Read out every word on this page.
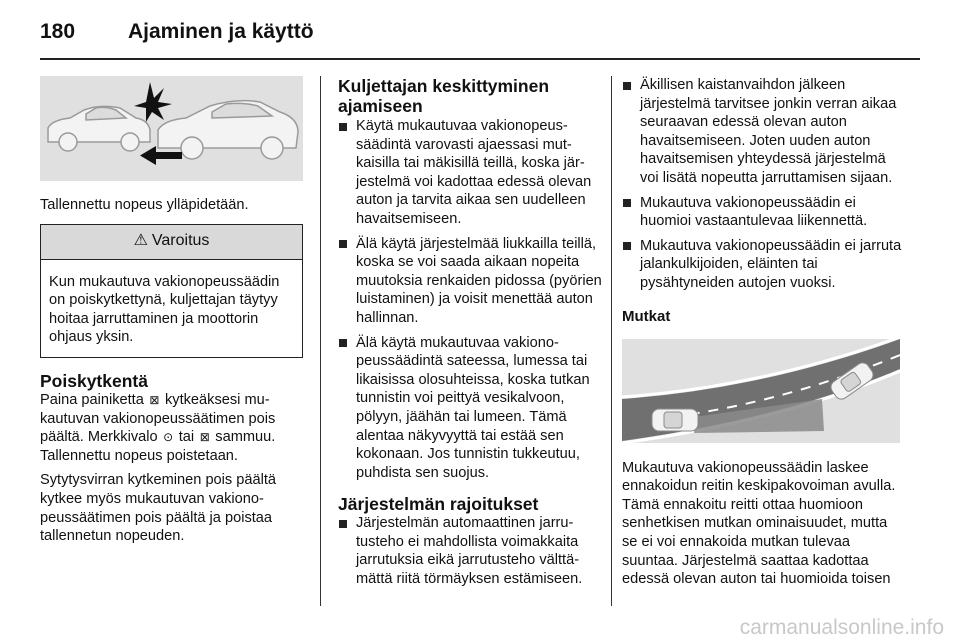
180	Ajaminen ja käyttö

Tallennettu nopeus ylläpidetään.

⚠ Varoitus
Kun mukautuva vakionopeussäädin on poiskytkettynä, kuljettajan täytyy hoitaa jarruttaminen ja moottorin ohjaus yksin.
Poiskytkentä

Paina painiketta ⊠ kytkeäksesi mu-kautuvan vakionopeussäätimen pois päältä. Merkkivalo ⊙ tai ⊠ sammuu. Tallennettu nopeus poistetaan.

Sytytysvirran kytkeminen pois päältä kytkee myös mukautuvan vakionopeussäätimen pois päältä ja poistaa tallennetun nopeuden.

Kuljettajan keskittyminen ajamiseen
Käytä mukautuvaa vakionopeussäädintä varovasti ajaessasi mutkaisilla tai mäkisillä teillä, koska järjestelmä voi kadottaa edessä olevan auton ja tarvita aikaa sen uudelleen havaitsemiseen.
Älä käytä järjestelmää liukkailla teillä, koska se voi saada aikaan nopeita muutoksia renkaiden pidossa (pyörien luistaminen) ja voisit menettää auton hallinnan.
Älä käytä mukautuvaa vakionopeussäädintä sateessa, lumessa tai likaisissa olosuhteissa, koska tutkan tunnistin voi peittyä vesikalvoon, pölyyn, jäähän tai lumeen. Tämä alentaa näkyvyyttä tai estää sen kokonaan. Jos tunnistin tukkeutuu, puhdista sen suojus.
Järjestelmän rajoitukset
Järjestelmän automaattinen jarrutusteho ei mahdollista voimakkaita jarrutuksia eikä jarrutusteho välttämättä riitä törmäyksen estämiseen.
Äkillisen kaistanvaihdon jälkeen järjestelmä tarvitsee jonkin verran aikaa seuraavan edessä olevan auton havaitsemiseen. Joten uuden auton havaitsemisen yhteydessä järjestelmä voi lisätä nopeutta jarruttamisen sijaan.
Mukautuva vakionopeussäädin ei huomioi vastaantulevaa liikennettä.
Mukautuva vakionopeussäädin ei jarruta jalankulkijoiden, eläinten tai pysähtyneiden autojen vuoksi.
Mutkat

Mukautuva vakionopeussäädin laskee ennakoidun reitin keskipakovoiman avulla. Tämä ennakoitu reitti ottaa huomioon senhetkisen mutkan ominaisuudet, mutta se ei voi ennakoida mutkan tulevaa suuntaa. Järjestelmä saattaa kadottaa edessä olevan auton tai huomioida toisen

carmanualsonline.info
